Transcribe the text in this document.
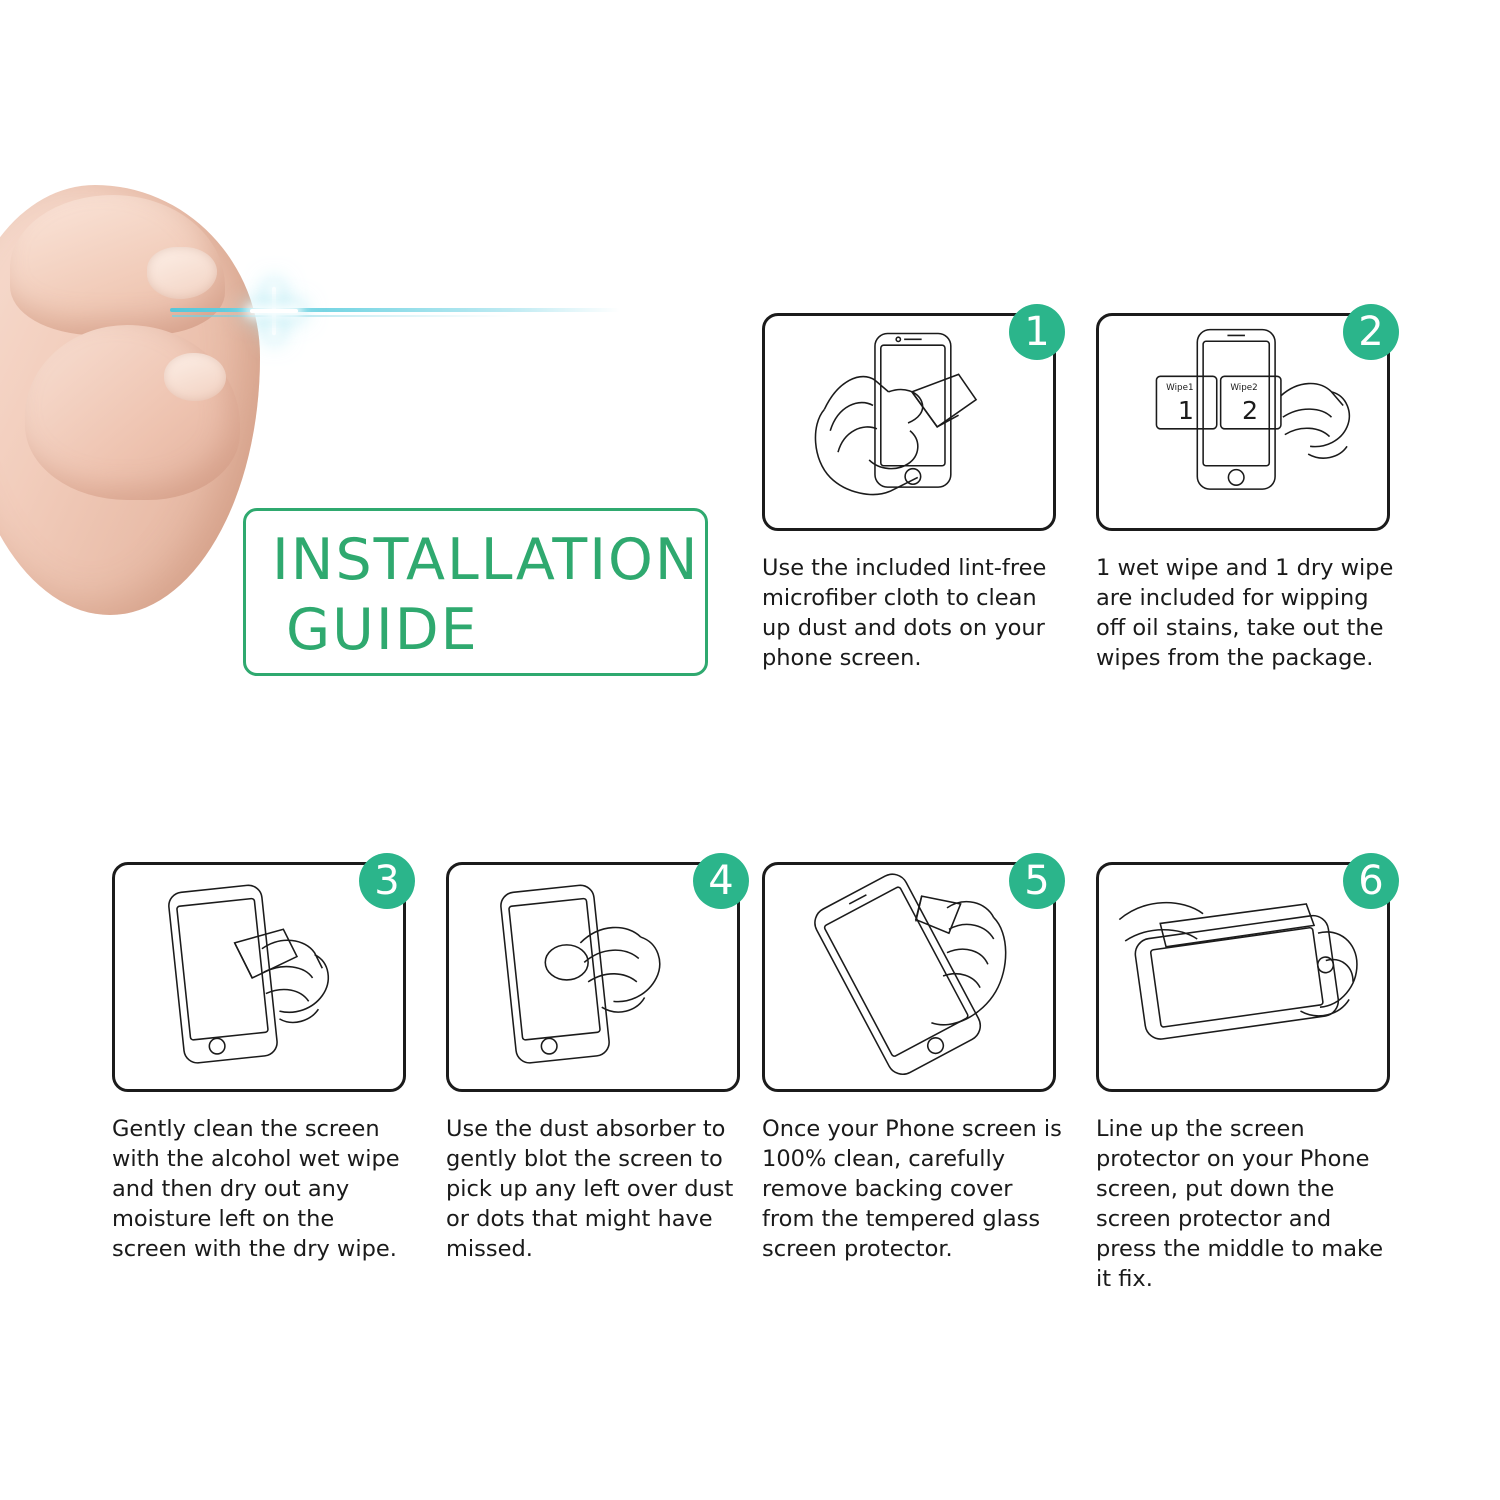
INSTALLATION
GUIDE
1
Use the included lint-free microfiber cloth to clean up dust and dots on your phone screen.
Wipe1
1
Wipe2
2
2
1 wet wipe and 1 dry wipe are included for wipping off oil stains, take out the wipes from the package.
3
Gently clean the screen with the alcohol wet wipe and then dry out any moisture left on the screen with the dry wipe.
4
Use the dust absorber to gently blot the screen to pick up any left over dust or dots that might have missed.
5
Once your Phone screen is 100% clean, carefully remove backing cover from the tempered glass screen protector.
6
Line up the screen protector on your Phone screen, put down the screen protector and press the middle to make it fix.
